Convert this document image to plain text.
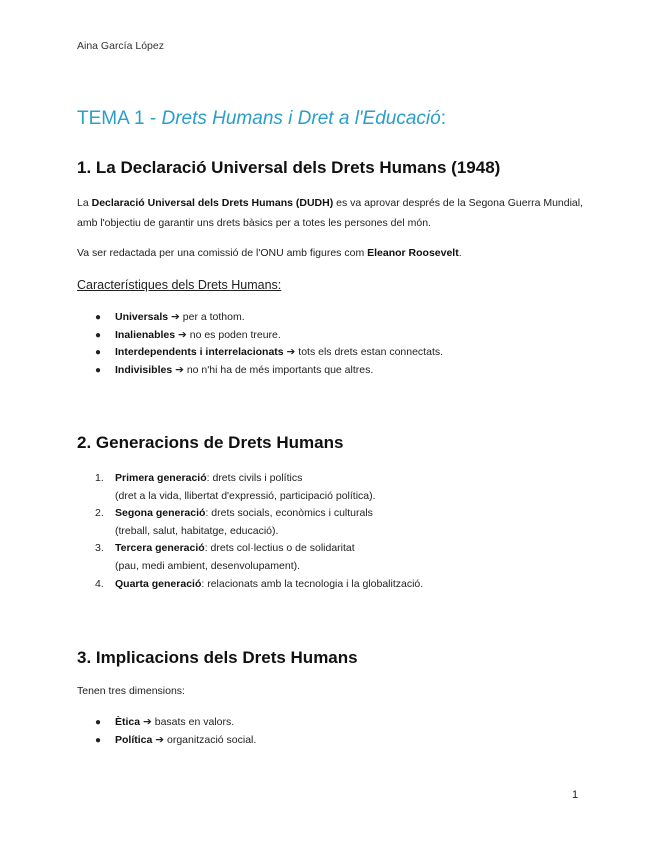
Aina García López
TEMA 1 - Drets Humans i Dret a l'Educació:
1. La Declaració Universal dels Drets Humans (1948)
La Declaració Universal dels Drets Humans (DUDH) es va aprovar després de la Segona Guerra Mundial, amb l'objectiu de garantir uns drets bàsics per a totes les persones del món.
Va ser redactada per una comissió de l'ONU amb figures com Eleanor Roosevelt.
Característiques dels Drets Humans:
● Universals ➔ per a tothom.
● Inalienables ➔ no es poden treure.
● Interdependents i interrelacionats ➔ tots els drets estan connectats.
● Indivisibles ➔ no n'hi ha de més importants que altres.
2. Generacions de Drets Humans
1. Primera generació: drets civils i polítics
(dret a la vida, llibertat d'expressió, participació política).
2. Segona generació: drets socials, econòmics i culturals
(treball, salut, habitatge, educació).
3. Tercera generació: drets col·lectius o de solidaritat
(pau, medi ambient, desenvolupament).
4. Quarta generació: relacionats amb la tecnologia i la globalització.
3. Implicacions dels Drets Humans
Tenen tres dimensions:
● Ètica ➔ basats en valors.
● Política ➔ organització social.
1
